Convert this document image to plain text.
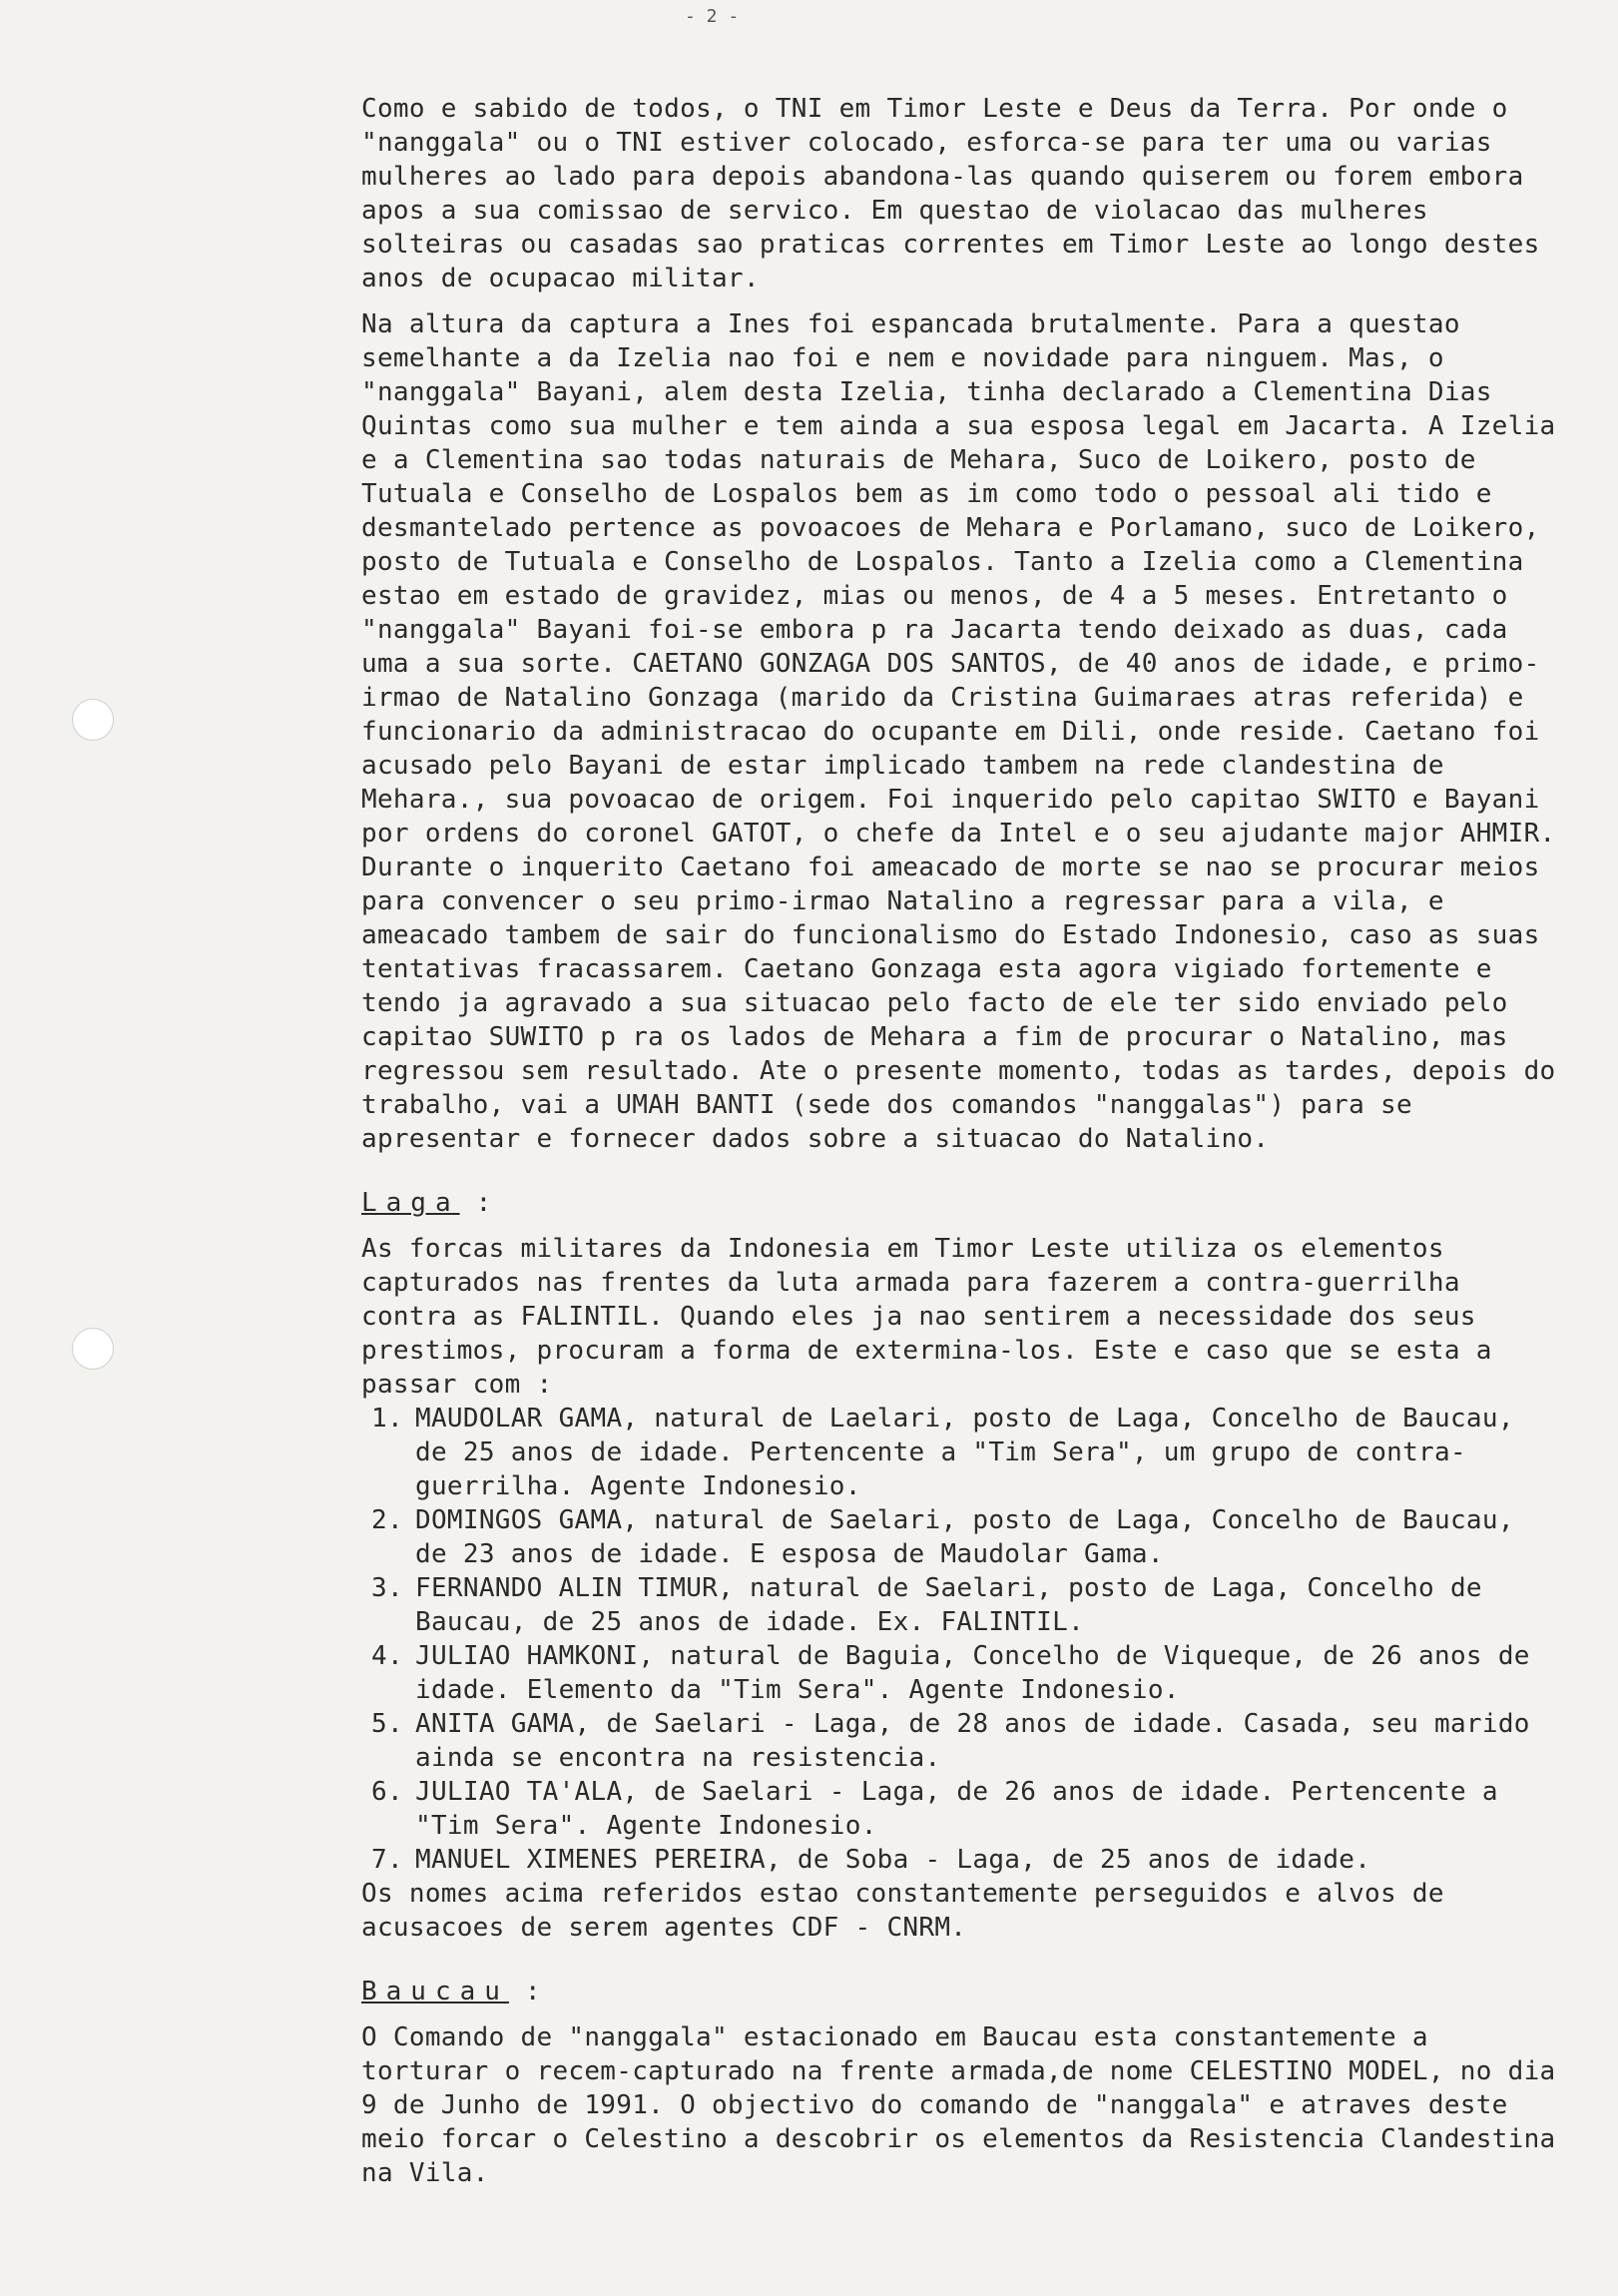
- 2 -

Como e sabido de todos, o TNI em Timor Leste e Deus da Terra. Por onde o "nanggala" ou o TNI estiver colocado, esforca-se para ter uma ou varias mulheres ao lado para depois abandona-las quando quiserem ou forem embora apos a sua comissao de servico. Em questao de violacao das mulheres solteiras ou casadas sao praticas correntes em Timor Leste ao longo destes anos de ocupacao militar.

Na altura da captura a Ines foi espancada brutalmente. Para a questao semelhante a da Izelia nao foi e nem e novidade para ninguem. Mas, o "nanggala" Bayani, alem desta Izelia, tinha declarado a Clementina Dias Quintas como sua mulher e tem ainda a sua esposa legal em Jacarta. A Izelia e a Clementina sao todas naturais de Mehara, Suco de Loikero, posto de Tutuala e Conselho de Lospalos bem as im como todo o pessoal ali tido e desmantelado pertence as povoacoes de Mehara e Porlamano, suco de Loikero, posto de Tutuala e Conselho de Lospalos. Tanto a Izelia como a Clementina estao em estado de gravidez, mias ou menos, de 4 a 5 meses. Entretanto o "nanggala" Bayani foi-se embora p ra Jacarta tendo deixado as duas, cada uma a sua sorte. CAETANO GONZAGA DOS SANTOS, de 40 anos de idade, e primo-irmao de Natalino Gonzaga (marido da Cristina Guimaraes atras referida) e funcionario da administracao do ocupante em Dili, onde reside. Caetano foi acusado pelo Bayani de estar implicado tambem na rede clandestina de Mehara., sua povoacao de origem. Foi inquerido pelo capitao SWITO e Bayani por ordens do coronel GATOT, o chefe da Intel e o seu ajudante major AHMIR. Durante o inquerito Caetano foi ameacado de morte se nao se procurar meios para convencer o seu primo-irmao Natalino a regressar para a vila, e ameacado tambem de sair do funcionalismo do Estado Indonesio, caso as suas tentativas fracassarem. Caetano Gonzaga esta agora vigiado fortemente e tendo ja agravado a sua situacao pelo facto de ele ter sido enviado pelo capitao SUWITO p ra os lados de Mehara a fim de procurar o Natalino, mas regressou sem resultado. Ate o presente momento, todas as tardes, depois do trabalho, vai a UMAH BANTI (sede dos comandos "nanggalas") para se apresentar e fornecer dados sobre a situacao do Natalino.

Laga :

As forcas militares da Indonesia em Timor Leste utiliza os elementos capturados nas frentes da luta armada para fazerem a contra-guerrilha contra as FALINTIL. Quando eles ja nao sentirem a necessidade dos seus prestimos, procuram a forma de extermina-los. Este e caso que se esta a passar com :

1. MAUDOLAR GAMA, natural de Laelari, posto de Laga, Concelho de Baucau, de 25 anos de idade. Pertencente a "Tim Sera", um grupo de contra-guerrilha. Agente Indonesio.
2. DOMINGOS GAMA, natural de Saelari, posto de Laga, Concelho de Baucau, de 23 anos de idade. E esposa de Maudolar Gama.
3. FERNANDO ALIN TIMUR, natural de Saelari, posto de Laga, Concelho de Baucau, de 25 anos de idade. Ex. FALINTIL.
4. JULIAO HAMKONI, natural de Baguia, Concelho de Viqueque, de 26 anos de idade. Elemento da "Tim Sera". Agente Indonesio.
5. ANITA GAMA, de Saelari - Laga, de 28 anos de idade. Casada, seu marido ainda se encontra na resistencia.
6. JULIAO TA'ALA, de Saelari - Laga, de 26 anos de idade. Pertencente a "Tim Sera". Agente Indonesio.
7. MANUEL XIMENES PEREIRA, de Soba - Laga, de 25 anos de idade.

Os nomes acima referidos estao constantemente perseguidos e alvos de acusacoes de serem agentes CDF - CNRM.

Baucau :

O Comando de "nanggala" estacionado em Baucau esta constantemente a torturar o recem-capturado na frente armada,de nome CELESTINO MODEL, no dia 9 de Junho de 1991. O objectivo do comando de "nanggala" e atraves deste meio forcar o Celestino a descobrir os elementos da Resistencia Clandestina na Vila.
